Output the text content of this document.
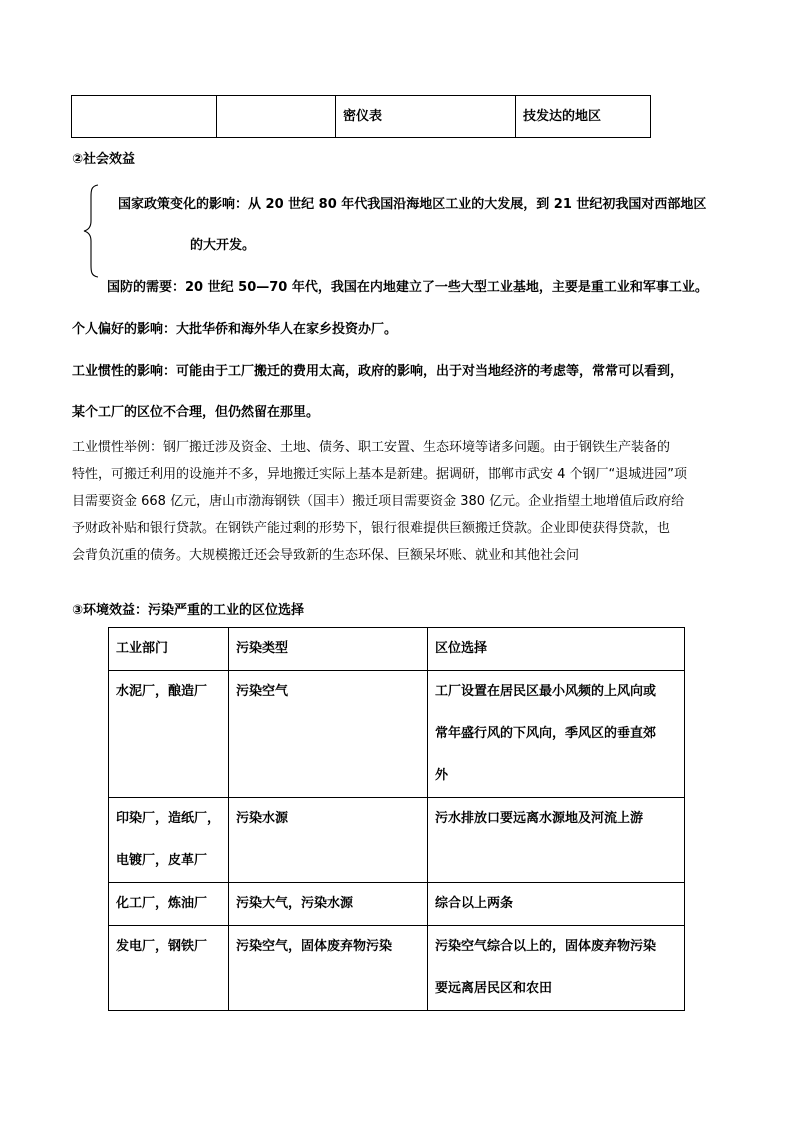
		密仪表	技发达的地区
②社会效益
国家政策变化的影响：从 20 世纪 80 年代我国沿海地区工业的大发展，到 21 世纪初我国对西部地区
的大开发。
国防的需要：20 世纪 50—70 年代，我国在内地建立了一些大型工业基地，主要是重工业和军事工业。
个人偏好的影响：大批华侨和海外华人在家乡投资办厂。
工业惯性的影响：可能由于工厂搬迁的费用太高，政府的影响，出于对当地经济的考虑等，常常可以看到，
某个工厂的区位不合理，但仍然留在那里。
工业惯性举例：钢厂搬迁涉及资金、土地、债务、职工安置、生态环境等诸多问题。由于钢铁生产装备的
特性，可搬迁利用的设施并不多，异地搬迁实际上基本是新建。据调研，邯郸市武安 4 个钢厂“退城进园”项
目需要资金 668 亿元，唐山市渤海钢铁（国丰）搬迁项目需要资金 380 亿元。企业指望土地增值后政府给
予财政补贴和银行贷款。在钢铁产能过剩的形势下，银行很难提供巨额搬迁贷款。企业即使获得贷款，也
会背负沉重的债务。大规模搬迁还会导致新的生态环保、巨额呆坏账、就业和其他社会问
③环境效益：污染严重的工业的区位选择
工业部门	污染类型	区位选择
水泥厂，酿造厂	污染空气	工厂设置在居民区最小风频的上风向或
常年盛行风的下风向，季风区的垂直郊
外

印染厂，造纸厂，
电镀厂，皮革厂	污染水源	污水排放口要远离水源地及河流上游
化工厂，炼油厂	污染大气，污染水源	综合以上两条
发电厂，钢铁厂	污染空气，固体废弃物污染	污染空气综合以上的，固体废弃物污染
要远离居民区和农田
